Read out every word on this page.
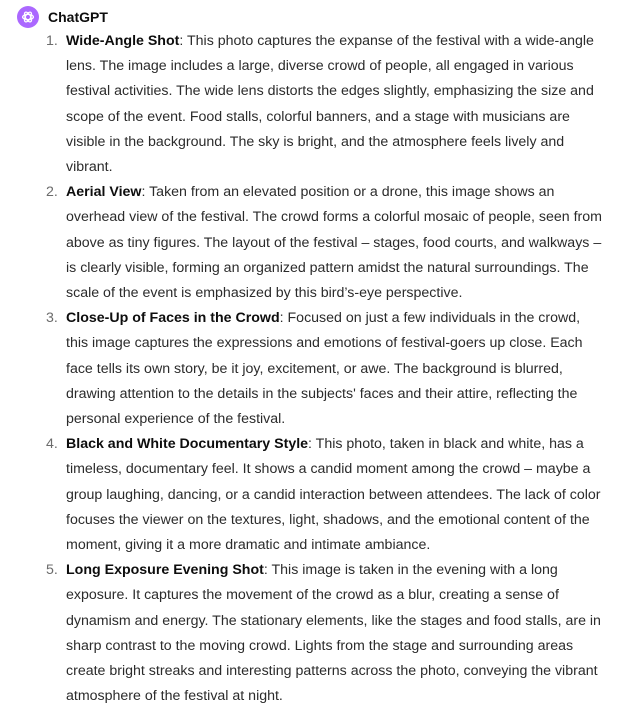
ChatGPT
1. Wide-Angle Shot: This photo captures the expanse of the festival with a wide-angle lens. The image includes a large, diverse crowd of people, all engaged in various festival activities. The wide lens distorts the edges slightly, emphasizing the size and scope of the event. Food stalls, colorful banners, and a stage with musicians are visible in the background. The sky is bright, and the atmosphere feels lively and vibrant.
2. Aerial View: Taken from an elevated position or a drone, this image shows an overhead view of the festival. The crowd forms a colorful mosaic of people, seen from above as tiny figures. The layout of the festival – stages, food courts, and walkways – is clearly visible, forming an organized pattern amidst the natural surroundings. The scale of the event is emphasized by this bird’s-eye perspective.
3. Close-Up of Faces in the Crowd: Focused on just a few individuals in the crowd, this image captures the expressions and emotions of festival-goers up close. Each face tells its own story, be it joy, excitement, or awe. The background is blurred, drawing attention to the details in the subjects' faces and their attire, reflecting the personal experience of the festival.
4. Black and White Documentary Style: This photo, taken in black and white, has a timeless, documentary feel. It shows a candid moment among the crowd – maybe a group laughing, dancing, or a candid interaction between attendees. The lack of color focuses the viewer on the textures, light, shadows, and the emotional content of the moment, giving it a more dramatic and intimate ambiance.
5. Long Exposure Evening Shot: This image is taken in the evening with a long exposure. It captures the movement of the crowd as a blur, creating a sense of dynamism and energy. The stationary elements, like the stages and food stalls, are in sharp contrast to the moving crowd. Lights from the stage and surrounding areas create bright streaks and interesting patterns across the photo, conveying the vibrant atmosphere of the festival at night.
